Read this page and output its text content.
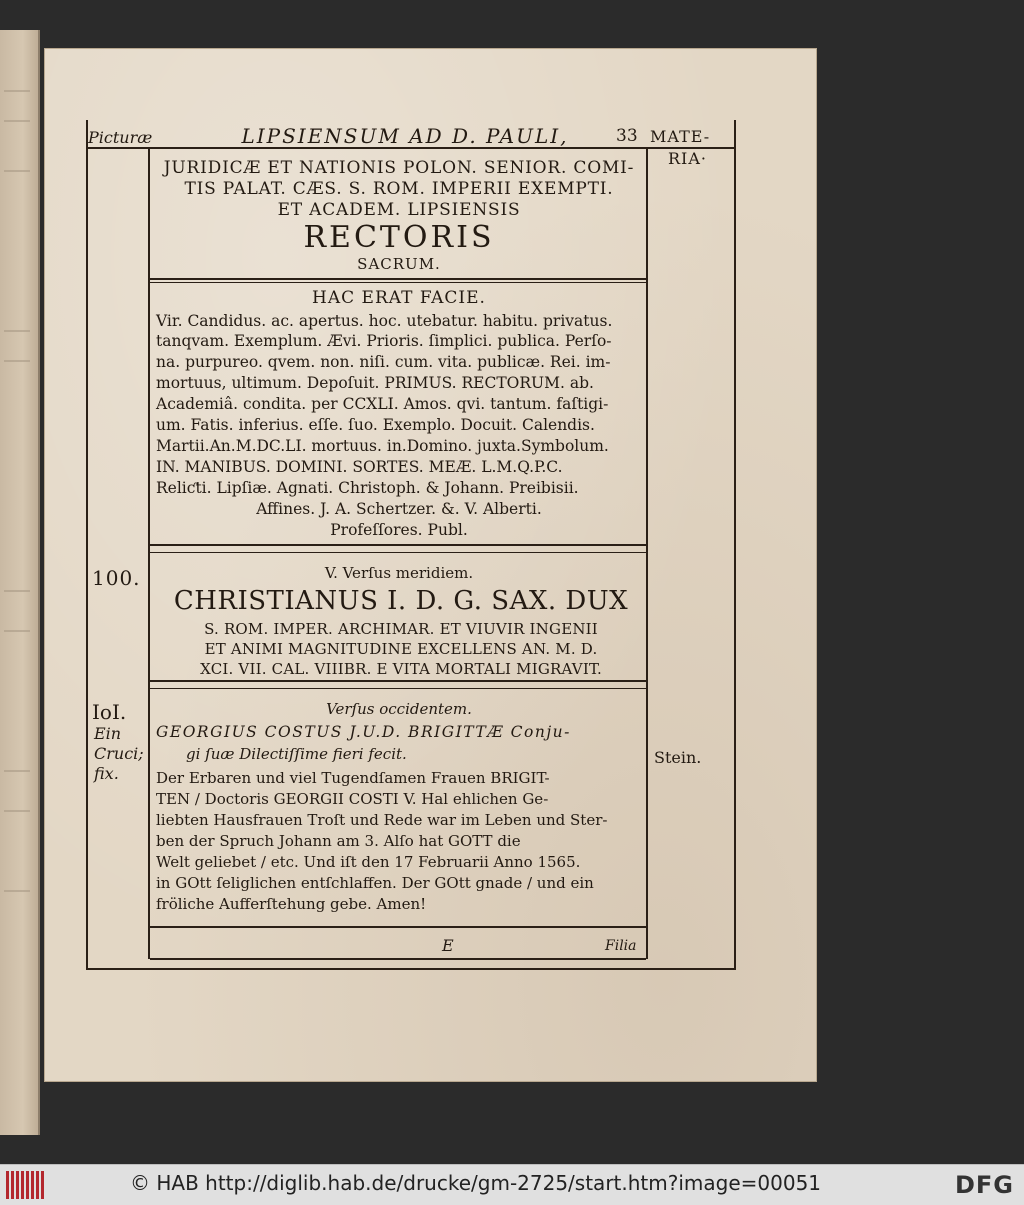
Picturæ	LIPSIENSUM AD D. PAULI,	33 MATE-
RIA·
JURIDICÆ ET NATIONIS POLON. SENIOR. COMI-
TIS PALAT. CÆS. S. ROM. IMPERII EXEMPTI.
ET ACADEM. LIPSIENSIS
RECTORIS
SACRUM.
HAC ERAT FACIE.
Vir. Candidus. ac. apertus. hoc. utebatur. habitu. privatus.
tanqvam. Exemplum. Ævi. Prioris. ſimplici. publica. Perſo-
na. purpureo. qvem. non. niſi. cum. vita. publicæ. Rei. im-
mortuus, ultimum. Depoſuit. PRIMUS. RECTORUM. ab.
Academiâ. condita. per CCXLI. Amos. qvi. tantum. faſtigi-
um. Fatis. inferius. eſſe. ſuo. Exemplo. Docuit. Calendis.
Martii.An.M.DC.LI. mortuus. in.Domino. juxta.Symbolum.
IN. MANIBUS. DOMINI. SORTES. MEÆ. L.M.Q.P.C.
Reliƈti. Lipſiæ. Agnati. Christoph. & Johann. Preibisii.
Affines. J. A. Schertzer. &. V. Alberti.
Profeſſores. Publ.
100.	V. Verſus meridiem.
CHRISTIANUS I. D. G. SAX. DUX
S. ROM. IMPER. ARCHIMAR. ET VIUVIR INGENII
ET ANIMI MAGNITUDINE EXCELLENS AN. M. D.
XCI. VII. CAL. VIIIBR. E VITA MORTALI MIGRAVIT.
IoI.
Ein
Cruci;
fix.
Stein.
Verſus occidentem.
GEORGIUS COSTUS J.U.D. BRIGITTÆ Conju-
gi ſuæ Dilectiſſime fieri fecit.
Der Erbaren und viel Tugendſamen Frauen BRIGIT-
TEN / Doctoris GEORGII COSTI V. Hal ehlichen Ge-
liebten Hausfrauen Troſt und Rede war im Leben und Ster-
ben der Spruch Johann am 3. Alſo hat GOTT die
Welt geliebet / etc. Und iſt den 17 Februarii Anno 1565.
in GOtt ſeliglichen entſchlaffen. Der GOtt gnade / und ein
fröliche Aufferſtehung gebe. Amen!
E	Filia
© HAB http://diglib.hab.de/drucke/gm-2725/start.htm?image=00051	DFG
